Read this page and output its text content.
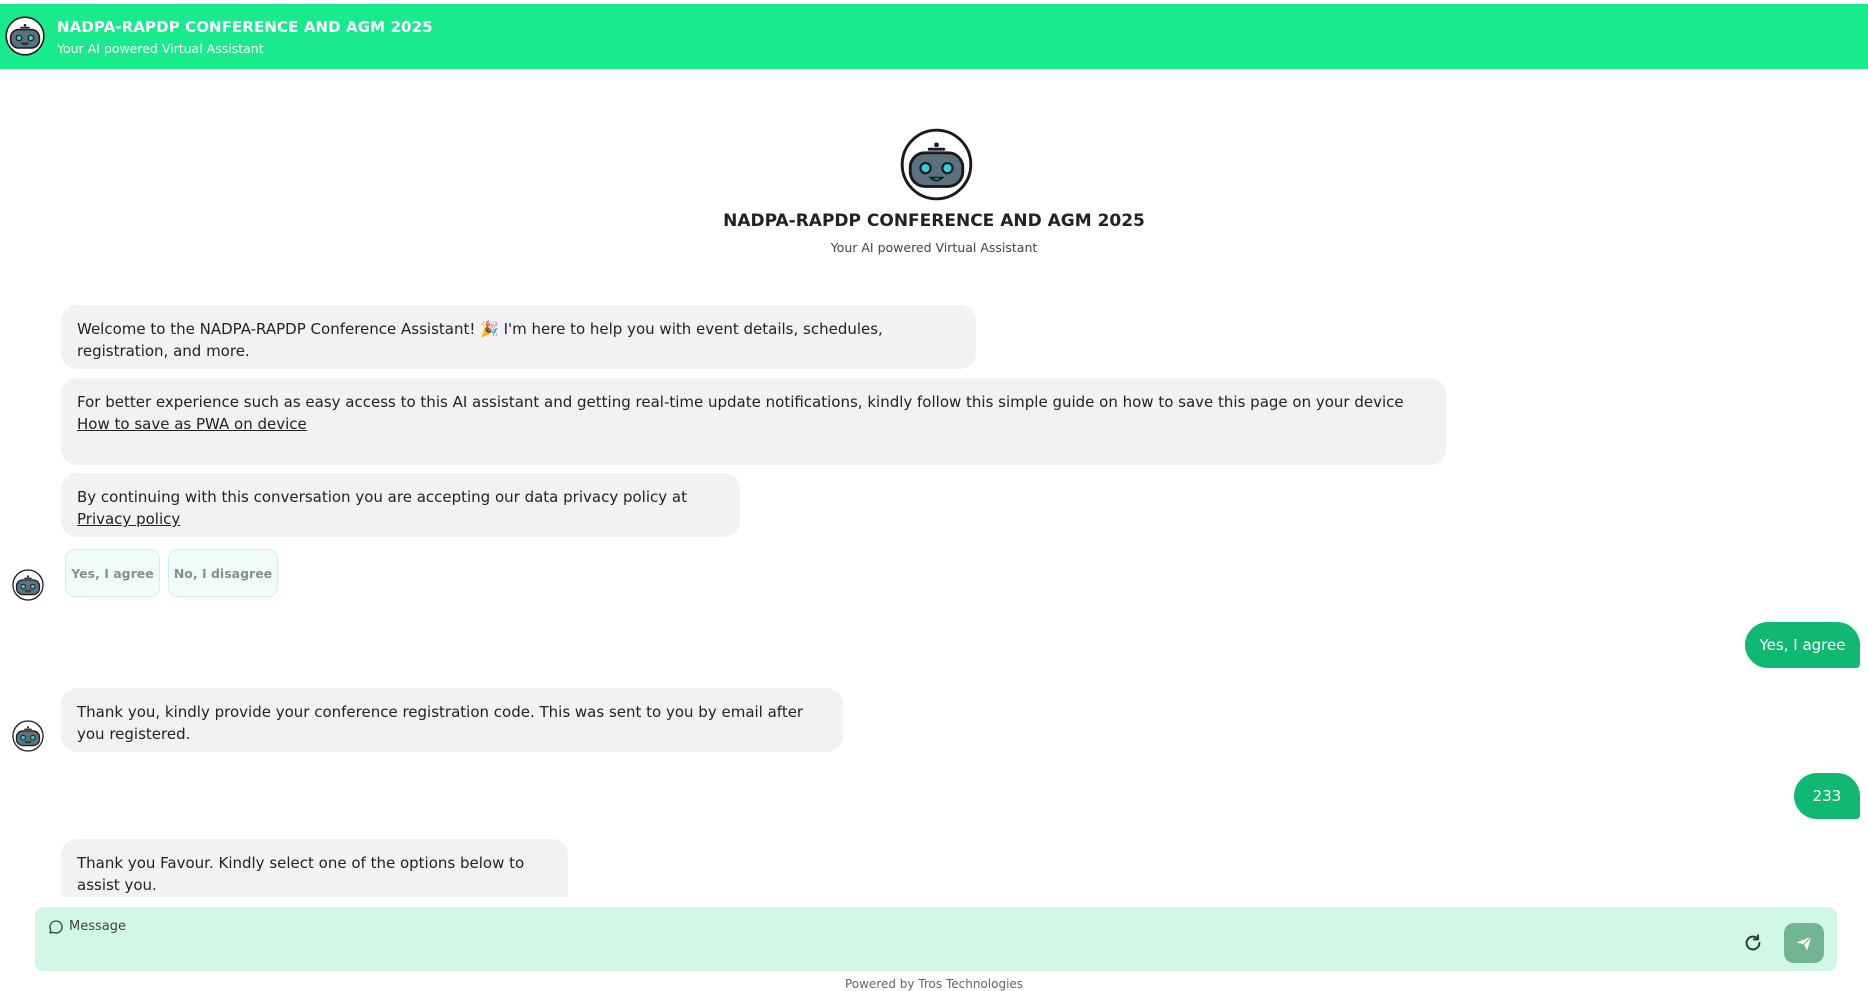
NADPA-RAPDP CONFERENCE AND AGM 2025
Your AI powered Virtual Assistant
NADPA-RAPDP CONFERENCE AND AGM 2025
Your AI powered Virtual Assistant
Welcome to the NADPA-RAPDP Conference Assistant! 🎉 I'm here to help you with event details, schedules, registration, and more.
For better experience such as easy access to this AI assistant and getting real-time update notifications, kindly follow this simple guide on how to save this page on your device How to save as PWA on device
By continuing with this conversation you are accepting our data privacy policy at Privacy policy
Yes, I agree	No, I disagree
Yes, I agree
Thank you, kindly provide your conference registration code. This was sent to you by email after you registered.
233
Thank you Favour. Kindly select one of the options below to assist you.
Message
Powered by Tros Technologies
